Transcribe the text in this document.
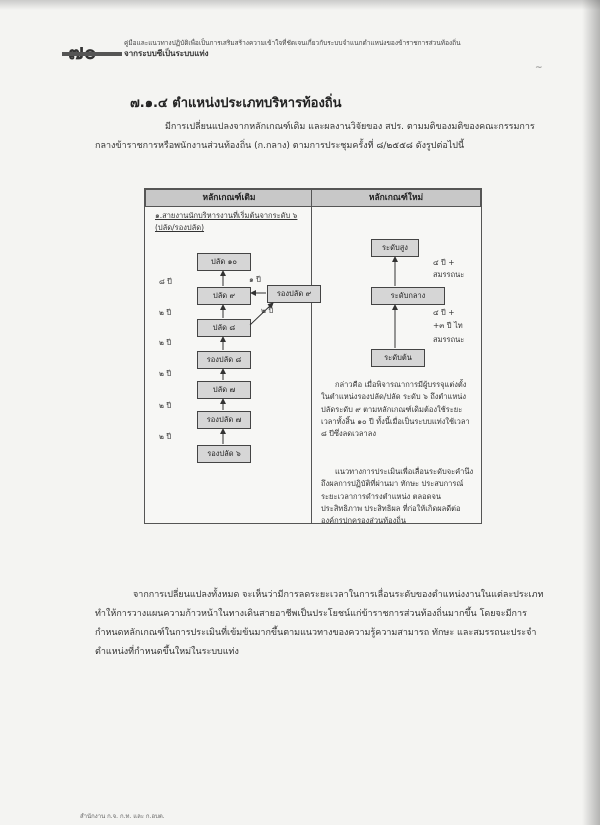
คู่มือและแนวทางปฏิบัติเพื่อเป็นการเสริมสร้างความเข้าใจที่ชัดเจนเกี่ยวกับระบบจำแนกตำแหน่งของข้าราชการส่วนท้องถิ่น
จากระบบซีเป็นระบบแท่ง
~
๗.๑.๔ ตำแหน่งประเภทบริหารท้องถิ่น
มีการเปลี่ยนแปลงจากหลักเกณฑ์เดิม และผลงานวิจัยของ สปร. ตามมติของมติของคณะกรรมการกลางข้าราชการหรือพนักงานส่วนท้องถิ่น (ก.กลาง) ตามการประชุมครั้งที่ ๘/๒๕๕๘ ดังรูปต่อไปนี้
หลักเกณฑ์เดิม	หลักเกณฑ์ใหม่
๑.สายงานนักบริหารงานที่เริ่มต้นจากระดับ ๖ (ปลัด/รองปลัด)
ปลัด ๑๐
ปลัด ๙
ปลัด ๘
รองปลัด ๘
ปลัด ๗
รองปลัด ๗
รองปลัด ๖
รองปลัด ๙
๘ ปี
๒ ปี
๒ ปี
๒ ปี
๒ ปี
๒ ปี
๑ ปี
๒ ปี
ระดับสูง
ระดับกลาง
ระดับต้น
๔ ปี +
สมรรถนะ
๔ ปี +
+๓ ปี ไท
สมรรถนะ
กล่าวคือ เมื่อพิจารณาการมีผู้บรรจุแต่งตั้งในตำแหน่งรองปลัด/ปลัด ระดับ ๖ ถึงตำแหน่งปลัดระดับ ๙ ตามหลักเกณฑ์เดิมต้องใช้ระยะเวลาทั้งสิ้น ๑๐ ปี ทั้งนี้เมื่อเป็นระบบแท่งใช้เวลา ๘ ปีซึ่งลดเวลาลง
แนวทางการประเมินเพื่อเลื่อนระดับจะคำนึงถึงผลการปฏิบัติที่ผ่านมา ทักษะ ประสบการณ์ ระยะเวลาการดำรงตำแหน่ง ตลอดจนประสิทธิภาพ ประสิทธิผล ที่ก่อให้เกิดผลดีต่อองค์กรปกครองส่วนท้องถิ่น
จากการเปลี่ยนแปลงทั้งหมด จะเห็นว่ามีการลดระยะเวลาในการเลื่อนระดับของตำแหน่งงานในแต่ละประเภท ทำให้การวางแผนความก้าวหน้าในทางเดินสายอาชีพเป็นประโยชน์แก่ข้าราชการส่วนท้องถิ่นมากขึ้น โดยจะมีการกำหนดหลักเกณฑ์ในการประเมินที่เข้มข้นมากขึ้นตามแนวทางของความรู้ความสามารถ ทักษะ และสมรรถนะประจำตำแหน่งที่กำหนดขึ้นใหม่ในระบบแท่ง
สำนักงาน ก.จ. ก.ท. และ ก.อบต.
